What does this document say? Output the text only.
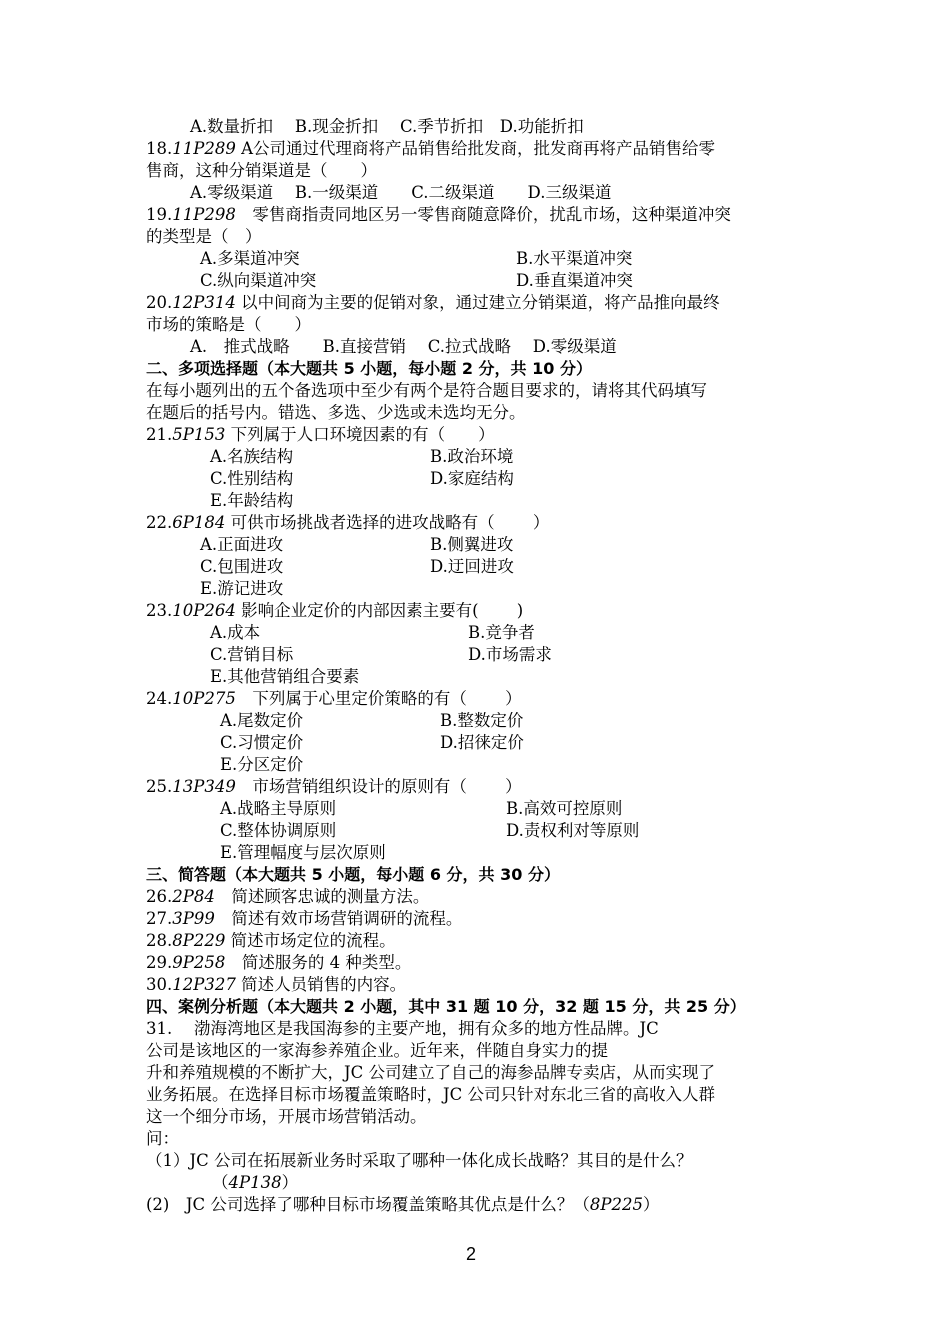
A.数量折扣　 B.现金折扣　 C.季节折扣　D.功能折扣
18.11P289 A公司通过代理商将产品销售给批发商，批发商再将产品销售给零
售商，这种分销渠道是（　　）
A.零级渠道　 B.一级渠道　　C.二级渠道　　D.三级渠道
19.11P298　零售商指责同地区另一零售商随意降价，扰乱市场，这种渠道冲突
的类型是（　）
A.多渠道冲突	B.水平渠道冲突
C.纵向渠道冲突	D.垂直渠道冲突
20.12P314 以中间商为主要的促销对象，通过建立分销渠道，将产品推向最终
市场的策略是（　　）
A.　推式战略　　B.直接营销　 C.拉式战略　 D.零级渠道
二、多项选择题（本大题共 5 小题，每小题 2 分，共 10 分）
在每小题列出的五个备选项中至少有两个是符合题目要求的，请将其代码填写
在题后的括号内。错选、多选、少选或未选均无分。
21.5P153 下列属于人口环境因素的有（　　）
A.名族结构	B.政治环境
C.性别结构	D.家庭结构
E.年龄结构
22.6P184 可供市场挑战者选择的进攻战略有（　　 ）
A.正面进攻	B.侧翼进攻
C.包围进攻	D.迂回进攻
E.游记进攻
23.10P264 影响企业定价的内部因素主要有(　　 )
A.成本	B.竞争者
C.营销目标	D.市场需求
E.其他营销组合要素
24.10P275　下列属于心里定价策略的有（　　 ）
A.尾数定价	B.整数定价
C.习惯定价	D.招徕定价
E.分区定价
25.13P349　市场营销组织设计的原则有（　　 ）
A.战略主导原则	B.高效可控原则
C.整体协调原则	D.责权利对等原则
E.管理幅度与层次原则
三、简答题（本大题共 5 小题，每小题 6 分，共 30 分）
26.2P84　简述顾客忠诚的测量方法。
27.3P99　简述有效市场营销调研的流程。
28.8P229 简述市场定位的流程。
29.9P258　简述服务的 4 种类型。
30.12P327 简述人员销售的内容。
四、案例分析题（本大题共 2 小题，其中 31 题 10 分，32 题 15 分，共 25 分）
31.　 渤海湾地区是我国海参的主要产地，拥有众多的地方性品牌。JC
公司是该地区的一家海参养殖企业。近年来，伴随自身实力的提
升和养殖规模的不断扩大，JC 公司建立了自己的海参品牌专卖店，从而实现了
业务拓展。在选择目标市场覆盖策略时，JC 公司只针对东北三省的高收入人群
这一个细分市场，开展市场营销活动。
问：
（1）JC 公司在拓展新业务时采取了哪种一体化成长战略？其目的是什么？
（4P138）
(2)　JC 公司选择了哪种目标市场覆盖策略其优点是什么？（8P225）
2
